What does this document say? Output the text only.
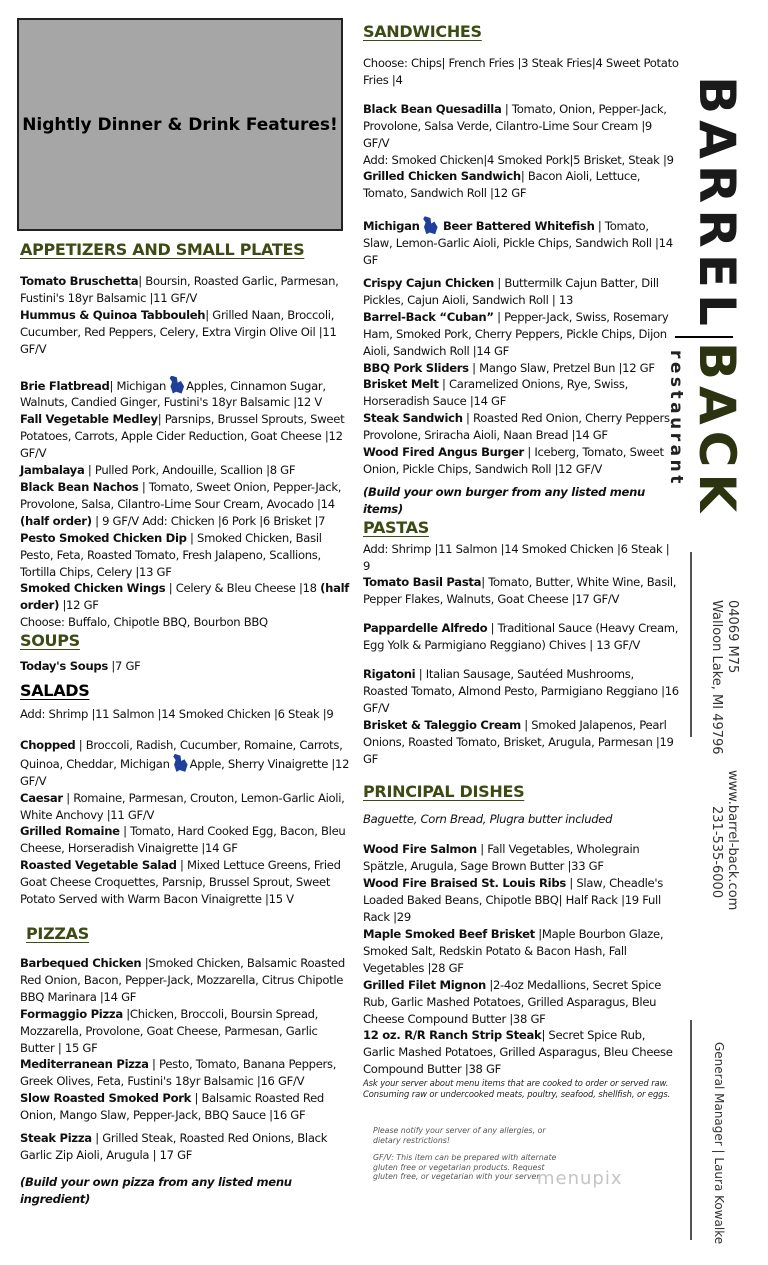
Nightly Dinner & Drink Features!
APPETIZERS AND SMALL PLATES
Tomato Bruschetta| Boursin, Roasted Garlic, Parmesan, Fustini's 18yr Balsamic |11 GF/V
Hummus & Quinoa Tabbouleh| Grilled Naan, Broccoli, Cucumber, Red Peppers, Celery, Extra Virgin Olive Oil |11 GF/V
Brie Flatbread| Michigan Apples, Cinnamon Sugar, Walnuts, Candied Ginger, Fustini's 18yr Balsamic |12 V
Fall Vegetable Medley| Parsnips, Brussel Sprouts, Sweet Potatoes, Carrots, Apple Cider Reduction, Goat Cheese |12 GF/V
Jambalaya | Pulled Pork, Andouille, Scallion |8 GF
Black Bean Nachos | Tomato, Sweet Onion, Pepper-Jack, Provolone, Salsa, Cilantro-Lime Sour Cream, Avocado |14 (half order) | 9 GF/V Add: Chicken |6 Pork |6 Brisket |7
Pesto Smoked Chicken Dip | Smoked Chicken, Basil Pesto, Feta, Roasted Tomato, Fresh Jalapeno, Scallions, Tortilla Chips, Celery |13 GF
Smoked Chicken Wings | Celery & Bleu Cheese |18 (half order) |12 GF
Choose: Buffalo, Chipotle BBQ, Bourbon BBQ
SOUPS
Today's Soups |7 GF
SALADS
Add: Shrimp |11 Salmon |14 Smoked Chicken |6 Steak |9
Chopped | Broccoli, Radish, Cucumber, Romaine, Carrots, Quinoa, Cheddar, Michigan Apple, Sherry Vinaigrette |12 GF/V
Caesar | Romaine, Parmesan, Crouton, Lemon-Garlic Aioli, White Anchovy |11 GF/V
Grilled Romaine | Tomato, Hard Cooked Egg, Bacon, Bleu Cheese, Horseradish Vinaigrette |14 GF
Roasted Vegetable Salad | Mixed Lettuce Greens, Fried Goat Cheese Croquettes, Parsnip, Brussel Sprout, Sweet Potato Served with Warm Bacon Vinaigrette |15 V
PIZZAS
Barbequed Chicken |Smoked Chicken, Balsamic Roasted Red Onion, Bacon, Pepper-Jack, Mozzarella, Citrus Chipotle BBQ Marinara |14 GF
Formaggio Pizza |Chicken, Broccoli, Boursin Spread, Mozzarella, Provolone, Goat Cheese, Parmesan, Garlic Butter | 15 GF
Mediterranean Pizza | Pesto, Tomato, Banana Peppers, Greek Olives, Feta, Fustini's 18yr Balsamic |16 GF/V
Slow Roasted Smoked Pork | Balsamic Roasted Red Onion, Mango Slaw, Pepper-Jack, BBQ Sauce |16 GF
Steak Pizza | Grilled Steak, Roasted Red Onions, Black Garlic Zip Aioli, Arugula | 17 GF
(Build your own pizza from any listed menu ingredient)
SANDWICHES
Choose: Chips| French Fries |3 Steak Fries|4 Sweet Potato Fries |4
Black Bean Quesadilla | Tomato, Onion, Pepper-Jack, Provolone, Salsa Verde, Cilantro-Lime Sour Cream |9 GF/V
Add: Smoked Chicken|4 Smoked Pork|5 Brisket, Steak |9
Grilled Chicken Sandwich| Bacon Aioli, Lettuce, Tomato, Sandwich Roll |12 GF
Michigan Beer Battered Whitefish | Tomato, Slaw, Lemon-Garlic Aioli, Pickle Chips, Sandwich Roll |14 GF
Crispy Cajun Chicken | Buttermilk Cajun Batter, Dill Pickles, Cajun Aioli, Sandwich Roll | 13
Barrel-Back “Cuban” | Pepper-Jack, Swiss, Rosemary Ham, Smoked Pork, Cherry Peppers, Pickle Chips, Dijon Aioli, Sandwich Roll |14 GF
BBQ Pork Sliders | Mango Slaw, Pretzel Bun |12 GF
Brisket Melt | Caramelized Onions, Rye, Swiss, Horseradish Sauce |14 GF
Steak Sandwich | Roasted Red Onion, Cherry Peppers, Provolone, Sriracha Aioli, Naan Bread |14 GF
Wood Fired Angus Burger | Iceberg, Tomato, Sweet Onion, Pickle Chips, Sandwich Roll |12 GF/V
(Build your own burger from any listed menu items)
PASTAS
Add: Shrimp |11 Salmon |14 Smoked Chicken |6 Steak | 9
Tomato Basil Pasta| Tomato, Butter, White Wine, Basil, Pepper Flakes, Walnuts, Goat Cheese |17 GF/V
Pappardelle Alfredo | Traditional Sauce (Heavy Cream, Egg Yolk & Parmigiano Reggiano) Chives | 13 GF/V
Rigatoni | Italian Sausage, Sautéed Mushrooms, Roasted Tomato, Almond Pesto, Parmigiano Reggiano |16 GF/V
Brisket & Taleggio Cream | Smoked Jalapenos, Pearl Onions, Roasted Tomato, Brisket, Arugula, Parmesan |19 GF
PRINCIPAL DISHES
Baguette, Corn Bread, Plugra butter included
Wood Fire Salmon | Fall Vegetables, Wholegrain Spätzle, Arugula, Sage Brown Butter |33 GF
Wood Fire Braised St. Louis Ribs | Slaw, Cheadle's Loaded Baked Beans, Chipotle BBQ| Half Rack |19 Full Rack |29
Maple Smoked Beef Brisket |Maple Bourbon Glaze, Smoked Salt, Redskin Potato & Bacon Hash, Fall Vegetables |28 GF
Grilled Filet Mignon |2-4oz Medallions, Secret Spice Rub, Garlic Mashed Potatoes, Grilled Asparagus, Bleu Cheese Compound Butter |38 GF
12 oz. R/R Ranch Strip Steak| Secret Spice Rub, Garlic Mashed Potatoes, Grilled Asparagus, Bleu Cheese Compound Butter |38 GF
Ask your server about menu items that are cooked to order or served raw. Consuming raw or undercooked meats, poultry, seafood, shellfish, or eggs.

Please notify your server of any allergies, or dietary restrictions!

GF/V: This item can be prepared with alternate gluten free or vegetarian products. Request gluten free, or vegetarian with your server.

menupix
BARRELBACK
restaurant
04069 M75
Walloon Lake, MI 49796
www.barrel-back.com
231-535-6000
General Manager | Laura Kowalke
